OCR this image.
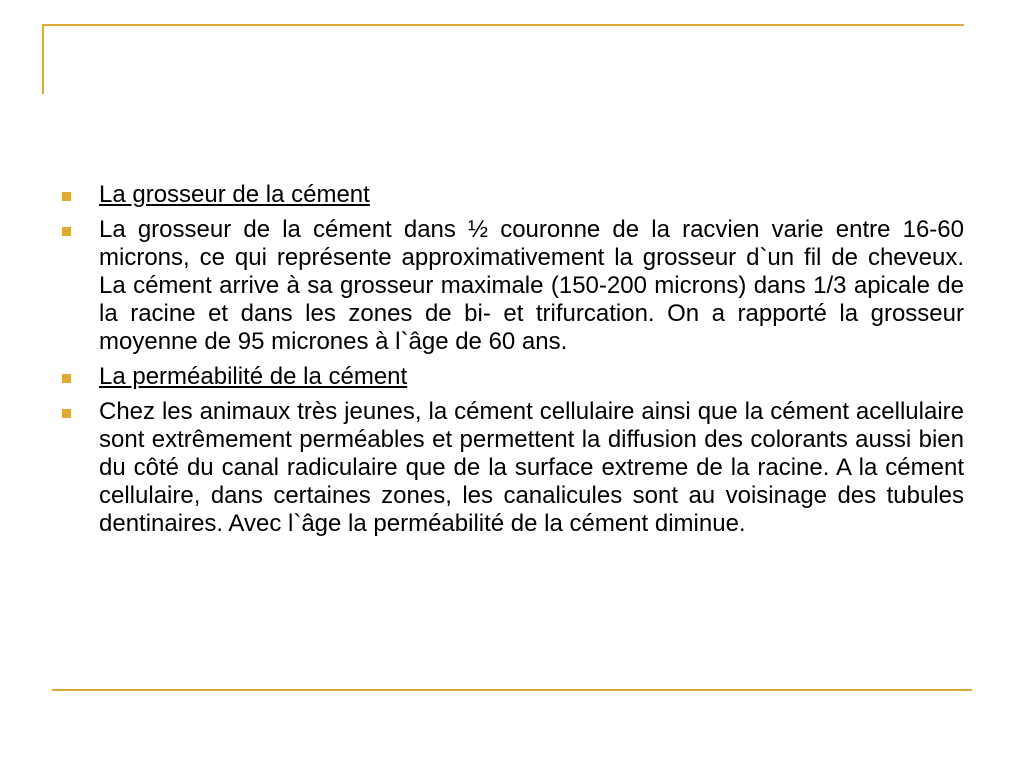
La grosseur de la cément
La grosseur de la cément dans ½ couronne de la racvien varie entre 16-60 microns, ce qui représente approximativement la grosseur d`un fil de cheveux. La cément arrive à sa grosseur maximale (150-200 microns) dans 1/3 apicale de la racine et dans les zones de bi- et trifurcation. On a rapporté la grosseur moyenne de 95 micrones à l`âge de 60 ans.
La perméabilité de la cément
Chez les animaux très jeunes, la cément cellulaire ainsi que la cément acellulaire sont extrêmement perméables et permettent la diffusion des colorants aussi bien du côté du canal radiculaire que de la surface extreme de la racine. A la cément cellulaire, dans certaines zones, les canalicules sont au voisinage des tubules dentinaires. Avec l`âge la perméabilité de la cément diminue.
